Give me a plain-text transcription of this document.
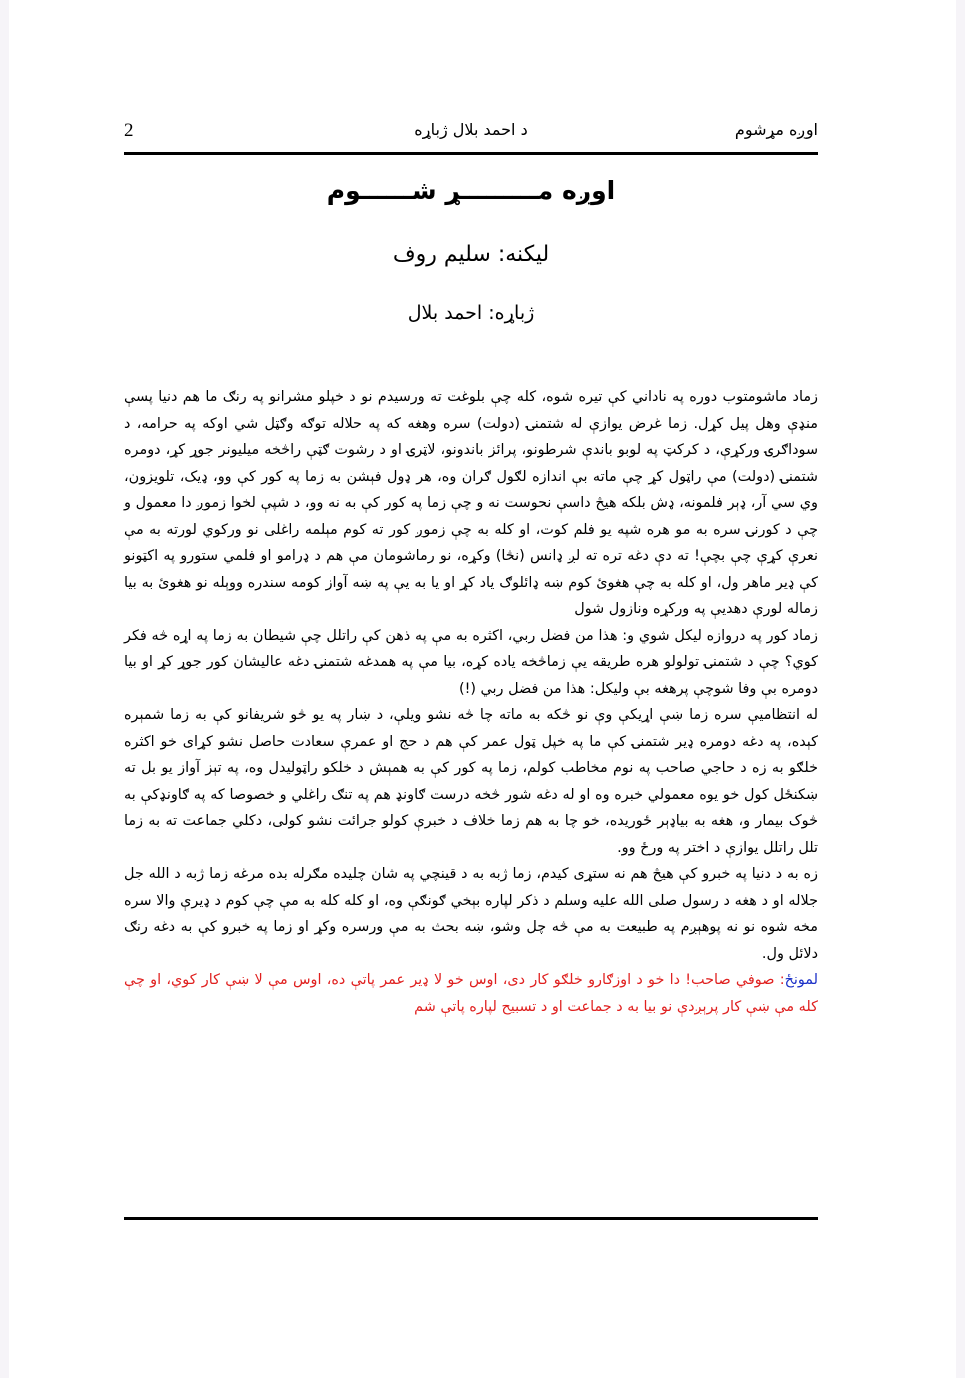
2	د احمد بلال ژباړه	اوږه مړشوم
اوږه مـــــــــړ شــــــوم
ليکنه: سليم روف
ژباړه: احمد بلال

زماد ماشومتوب دوره په ناداني کې تيره شوه، کله چې بلوغت ته ورسيدم نو د خپلو مشرانو په رنګ ما هم دنيا پسې منډې وهل پيل کړل. زما غرض يوازې له شتمنۍ (دولت) سره وهغه که په حلاله توګه وګټل شي اوکه په حرامه، د سوداګرۍ ورکړې، د کرکټ په لوبو باندې شرطونو، پرائز باندونو، لاټرۍ او د رشوت ګټې راڅخه ميليونر جوړ کړ، دومره شتمنۍ (دولت) مې راټول کړ چې ماته بې اندازه لګول ګران وه، هر ډول فېشن به زما په کور کې وو، ډيک، تلويزون، وي سي آر، ډېر فلمونه، ډش بلکه هيڅ داسې نحوست نه و چې زما په کور کې به نه وو، د شپې لخوا زموږ دا معمول و چې د کورنۍ سره به مو هره شپه يو فلم کوت، او کله به چې زموږ کور ته کوم مېلمه راغلی نو ورکوي لورته به مې نعرې کړې چې بچې! ته دې دغه تره ته لږ ډانس (نڅا) وکړه، نو رماشومان مې هم د ډرامو او فلمي ستورو په اکټونو کې ډير ماهر ول، او کله به چې هغوئ کوم ښه ډائلوګ ياد کړ او يا به يې په ښه آواز کومه سندره ووېله نو هغوئ به بيا زماله لورې دهديې په ورکړه ونازول شول

زماد کور په دروازه ليکل شوي و: هذا من فضل ربي، اکثره به مې په ذهن کې راتلل چې شيطان به زما په اړه څه فکر کوي؟ چې د شتمنۍ تولولو هره طريقه يې زماڅخه ياده کړه، بيا مې په همدغه شتمنۍ دغه عاليشان کور جوړ کړ او بيا دومره بې وفا شوچې پرهغه بې وليکل: هذا من فضل ربي (!)

له انتظاميې سره زما ښې اړيکې وې نو څکه به ماته چا څه نشو ويلې، د ښار په يو څو شريفانو کې به زما شمېره کېده، په دغه دومره ډير شتمنۍ کې ما په خپل ټول عمر کې هم د حج او عمرې سعادت حاصل نشو کړای خو اکثره خلګو به زه د حاجي صاحب په نوم مخاطب کولم، زما په کور کې به همېش د خلکو راټوليدل وه، په تېز آواز يو بل ته ښکنځل کول خو يوه معمولي خبره وه او له دغه شور څخه درست ګاونډ هم په تنګ راغلي و خصوصا که په ګاونډکې به څوک بيمار و، هغه به بياډېر ځوريده، خو چا به هم زما خلاف د خبرې کولو جرائت نشو کولی، دکلي جماعت ته به زما تلل راتلل يوازې د اختر په ورځ وو.

زه به د دنيا په خبرو کې هيڅ هم نه ستړی کيدم، زما ژبه به د قينچي په شان چليده مګرله بده مرغه زما ژبه د الله جل جلاله او د هغه د رسول صلی الله عليه وسلم د ذکر لپاره بېخي ګونګې وه، او کله کله به مې چې کوم د ډيرې والا سره مخه شوه نو نه پوهېږم په طبيعت به مې څه چل وشو، ښه بحث به مې ورسره وکړ او زما په خبرو کې به دغه رنګ دلائل ول.

لمونځ: صوفي صاحب! دا خو د اوزګارو خلګو کار دی، اوس خو لا ډير عمر پاتې ده، اوس مې لا ښې کار کوي، او چې کله مې ښې کار پرېږدې نو بيا به د جماعت او د تسبيح لپاره پاتې شم
